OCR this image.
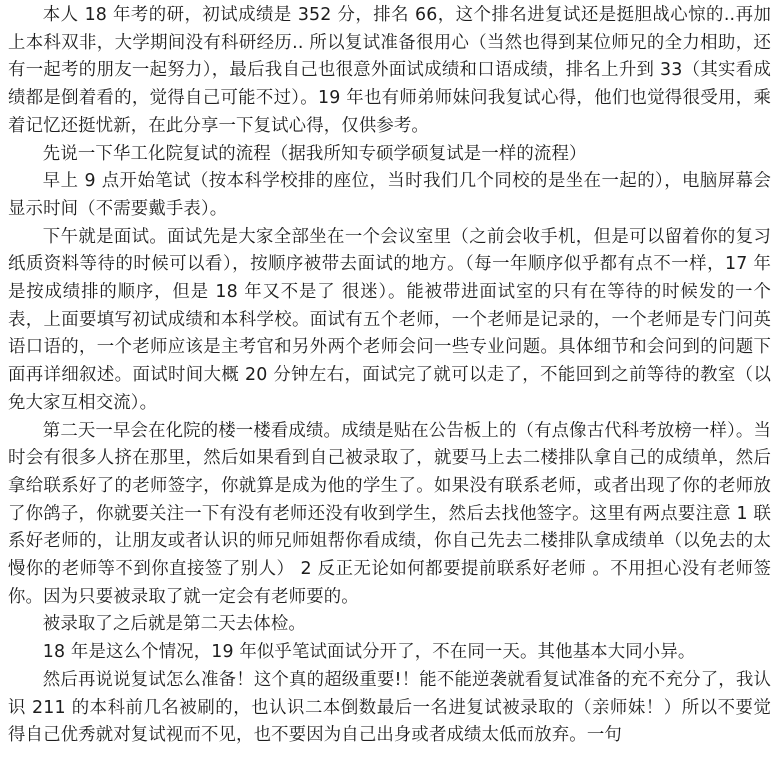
本人 18 年考的研，初试成绩是 352 分，排名 66，这个排名进复试还是挺胆战心惊的..再加上本科双非，大学期间没有科研经历.. 所以复试准备很用心（当然也得到某位师兄的全力相助，还有一起考的朋友一起努力），最后我自己也很意外面试成绩和口语成绩，排名上升到 33（其实看成绩都是倒着看的，觉得自己可能不过）。19 年也有师弟师妹问我复试心得，他们也觉得很受用，乘着记忆还挺忧新，在此分享一下复试心得，仅供参考。

先说一下华工化院复试的流程（据我所知专硕学硕复试是一样的流程）

早上 9 点开始笔试（按本科学校排的座位，当时我们几个同校的是坐在一起的），电脑屏幕会显示时间（不需要戴手表）。

下午就是面试。面试先是大家全部坐在一个会议室里（之前会收手机，但是可以留着你的复习纸质资料等待的时候可以看），按顺序被带去面试的地方。（每一年顺序似乎都有点不一样，17 年是按成绩排的顺序，但是 18 年又不是了 很迷）。能被带进面试室的只有在等待的时候发的一个表，上面要填写初试成绩和本科学校。面试有五个老师，一个老师是记录的，一个老师是专门问英语口语的，一个老师应该是主考官和另外两个老师会问一些专业问题。具体细节和会问到的问题下面再详细叙述。面试时间大概 20 分钟左右，面试完了就可以走了，不能回到之前等待的教室（以免大家互相交流）。

第二天一早会在化院的楼一楼看成绩。成绩是贴在公告板上的（有点像古代科考放榜一样）。当时会有很多人挤在那里，然后如果看到自己被录取了，就要马上去二楼排队拿自己的成绩单，然后拿给联系好了的老师签字，你就算是成为他的学生了。如果没有联系老师，或者出现了你的老师放了你鸽子，你就要关注一下有没有老师还没有收到学生，然后去找他签字。这里有两点要注意 1 联系好老师的，让朋友或者认识的师兄师姐帮你看成绩，你自己先去二楼排队拿成绩单（以免去的太慢你的老师等不到你直接签了别人） 2 反正无论如何都要提前联系好老师 。不用担心没有老师签你。因为只要被录取了就一定会有老师要的。

被录取了之后就是第二天去体检。

18 年是这么个情况，19 年似乎笔试面试分开了，不在同一天。其他基本大同小异。

然后再说说复试怎么准备！这个真的超级重要!！能不能逆袭就看复试准备的充不充分了，我认识 211 的本科前几名被刷的，也认识二本倒数最后一名进复试被录取的（亲师妹！）所以不要觉得自己优秀就对复试视而不见，也不要因为自己出身或者成绩太低而放弃。一句
